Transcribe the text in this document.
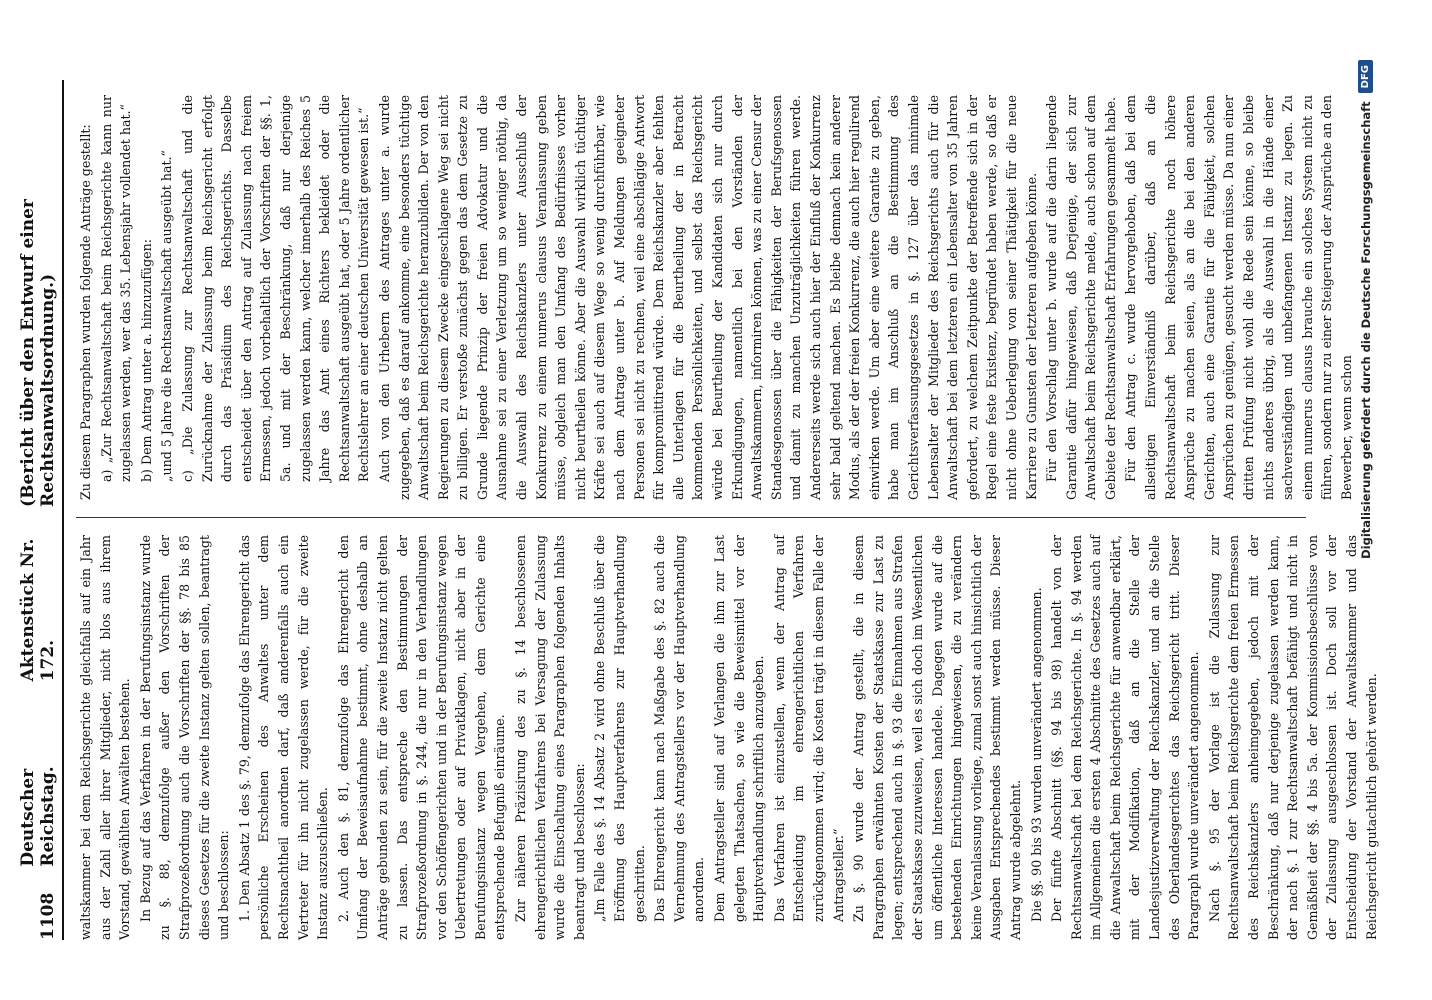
1108
Deutscher Reichstag.
Aktenstück Nr. 172.
(Bericht über den Entwurf einer Rechtsanwaltsordnung.)

waltskammer bei dem Reichsgerichte gleichfalls auf ein Jahr aus der Zahl aller ihrer Mitglieder, nicht blos aus ihrem Vorstand, gewählten Anwälten bestehen. In Bezug auf das Verfahren in der Berufungsinstanz wurde zu §. 88, demzufolge außer den Vorschriften der Strafprozeßordnung auch die Vorschriften der §§. 78 bis 85 dieses Gesetzes für die zweite Instanz gelten sollen, beantragt und beschlossen: 1. Den Absatz 1 des §. 79, demzufolge das Ehrengericht das persönliche Erscheinen des Anwaltes unter dem Rechtsnachtheil anordnen darf, daß anderenfalls auch ein Vertreter für ihn nicht zugelassen werde, für die zweite Instanz auszuschließen. 2. Auch den §. 81, demzufolge das Ehrengericht den Umfang der Beweisaufnahme bestimmt, ohne deshalb an Anträge gebunden zu sein, für die zweite Instanz nicht gelten zu lassen. Das entspreche den Bestimmungen der Strafprozeßordnung in §. 244, die nur in den Verhandlungen vor den Schöffengerichten und in der Berufungsinstanz wegen Uebertretungen oder auf Privatklagen, nicht aber in der Berufungsinstanz wegen Vergehen, dem Gerichte eine entsprechende Befugniß einräume. Zur näheren Präzisirung des zu §. 14 beschlossenen ehrengerichtlichen Verfahrens bei Versagung der Zulassung wurde die Einschaltung eines Paragraphen folgenden Inhalts beantragt und beschlossen: „Im Falle des §. 14 Absatz 2 wird ohne Beschluß über die Eröffnung des Hauptverfahrens zur Hauptverhandlung geschritten. Das Ehrengericht kann nach Maßgabe des §. 82 auch die Vernehmung des Antragstellers vor der Hauptverhandlung anordnen. Dem Antragsteller sind auf Verlangen die ihm zur Last gelegten Thatsachen, so wie die Beweismittel vor der Hauptverhandlung schriftlich anzugeben. Das Verfahren ist einzustellen, wenn der Antrag auf Entscheidung im ehrengerichtlichen Verfahren zurückgenommen wird; die Kosten trägt in diesem Falle der Antragsteller.“ Zu §. 90 wurde der Antrag gestellt, die in diesem Paragraphen erwähnten Kosten der Staatskasse zur Last zu legen; entsprechend auch in §. 93 die Einnahmen aus Strafen der Staatskasse zuzuweisen, weil es sich doch im Wesentlichen um öffentliche Interessen handele. Dagegen wurde auf die bestehenden Einrichtungen hingewiesen, die zu verändern keine Veranlassung vorliege, zumal sonst auch hinsichtlich der Ausgaben Entsprechendes bestimmt werden müsse. Dieser Antrag wurde abgelehnt. Die §§. 90 bis 93 wurden unverändert angenommen. Der fünfte Abschnitt (§§. 94 bis 98) handelt von der Rechtsanwaltschaft bei dem Reichsgerichte. In §. 94 werden im Allgemeinen die ersten 4 Abschnitte des Gesetzes auch auf die Anwaltschaft beim Reichsgerichte für anwendbar erklärt, mit der Modifikation, daß an die Stelle der Landesjustizverwaltung der Reichskanzler, und an die Stelle des Oberlandesgerichtes das Reichsgericht tritt. Dieser Paragraph wurde unverändert angenommen. Nach §. 95 der Vorlage ist die Zulassung zur Rechtsanwaltschaft beim Reichsgerichte dem freien Ermessen des Reichskanzlers anheimgegeben, jedoch mit der Beschränkung, daß nur derjenige zugelassen werden kann, der nach §. 1 zur Rechtsanwaltschaft befähigt und nicht in Gemäßheit der §§. 4 bis 5a. der Kommissionsbeschlüsse von der Zulassung ausgeschlossen ist. Doch soll vor der Entscheidung der Vorstand der Anwaltskammer und das Reichsgericht gutachtlich gehört werden.

Zu diesem Paragraphen wurden folgende Anträge gestellt: a) „Zur Rechtsanwaltschaft beim Reichsgerichte kann nur zugelassen werden, wer das 35. Lebensjahr vollendet hat.“ b) Dem Antrag unter a. hinzuzufügen: „und 5 Jahre die Rechtsanwaltschaft ausgeübt hat.“ c) „Die Zulassung zur Rechtsanwaltschaft und die Zurücknahme der Zulassung beim Reichsgericht erfolgt durch das Präsidium des Reichsgerichts. Dasselbe entscheidet über den Antrag auf Zulassung nach freiem Ermessen, jedoch vorbehaltlich der Vorschriften der §§. 1, 5a. und mit der Beschränkung, daß nur derjenige zugelassen werden kann, welcher innerhalb des Reiches 5 Jahre das Amt eines Richters bekleidet oder die Rechtsanwaltschaft ausgeübt hat, oder 5 Jahre ordentlicher Rechtslehrer an einer deutschen Universität gewesen ist.“ Auch von den Urhebern des Antrages unter a. wurde zugegeben, daß es darauf ankomme, eine besonders tüchtige Anwaltschaft beim Reichsgerichte heranzubilden. Der von den Regierungen zu diesem Zwecke eingeschlagene Weg sei nicht zu billigen. Er verstoße zunächst gegen das dem Gesetze zu Grunde liegende Prinzip der freien Advokatur und die Ausnahme sei zu einer Verletzung um so weniger nöthig, da die Auswahl des Reichskanzlers unter Ausschluß der Konkurrenz zu einem numerus clausus Veranlassung geben müsse, obgleich man den Umfang des Bedürfnisses vorher nicht beurtheilen könne. Aber die Auswahl wirklich tüchtiger Kräfte sei auch auf diesem Wege so wenig durchführbar, wie nach dem Antrage unter b. Auf Meldungen geeigneter Personen sei nicht zu rechnen, weil eine abschlägige Antwort für kompromittirend würde. Dem Reichskanzler aber fehlten alle Unterlagen für die Beurtheilung der in Betracht kommenden Persönlichkeiten, und selbst das Reichsgericht würde bei Beurtheilung der Kandidaten sich nur durch Erkundigungen, namentlich bei den Vorständen der Anwaltskammern, informiren können, was zu einer Censur der Standesgenossen über die Fähigkeiten der Berufsgenossen und damit zu manchen Unzuträglichkeiten führen werde. Andererseits werde sich auch hier der Einfluß der Konkurrenz sehr bald geltend machen. Es bleibe demnach kein anderer Modus, als der der freien Konkurrenz, die auch hier regulirend einwirken werde. Um aber eine weitere Garantie zu geben, habe man im Anschluß an die Bestimmung des Gerichtsverfassungsgesetzes in §. 127 über das minimale Lebensalter der Mitglieder des Reichsgerichts auch für die Anwaltschaft bei dem letzteren ein Lebensalter von 35 Jahren gefordert, zu welchem Zeitpunkte der Betreffende sich in der Regel eine feste Existenz, begründet haben werde, so daß er nicht ohne Ueberlegung von seiner Thätigkeit für die neue Karriere zu Gunsten der letzteren aufgeben könne. Für den Vorschlag unter b. wurde auf die darin liegende Garantie dafür hingewiesen, daß Derjenige, der sich zur Anwaltschaft beim Reichsgerichte melde, auch schon auf dem Gebiete der Rechtsanwaltschaft Erfahrungen gesammelt habe. Für den Antrag c. wurde hervorgehoben, daß bei dem allseitigen Einverständniß darüber, daß an die Rechtsanwaltschaft beim Reichsgerichte noch höhere Ansprüche zu machen seien, als an die bei den anderen Gerichten, auch eine Garantie für die Fähigkeit, solchen Ansprüchen zu genügen, gesucht werden müsse. Da nun einer dritten Prüfung nicht wohl die Rede sein könne, so bleibe nichts anderes übrig, als die Auswahl in die Hände einer sachverständigen und unbefangenen Instanz zu legen. Zu einem numerus clausus brauche ein solches System nicht zu führen, sondern nur zu einer Steigerung der Ansprüche an den Bewerber, wenn schon Digitalisierung gefördert durch die Deutsche Forschungsgemeinschaft
DFG
